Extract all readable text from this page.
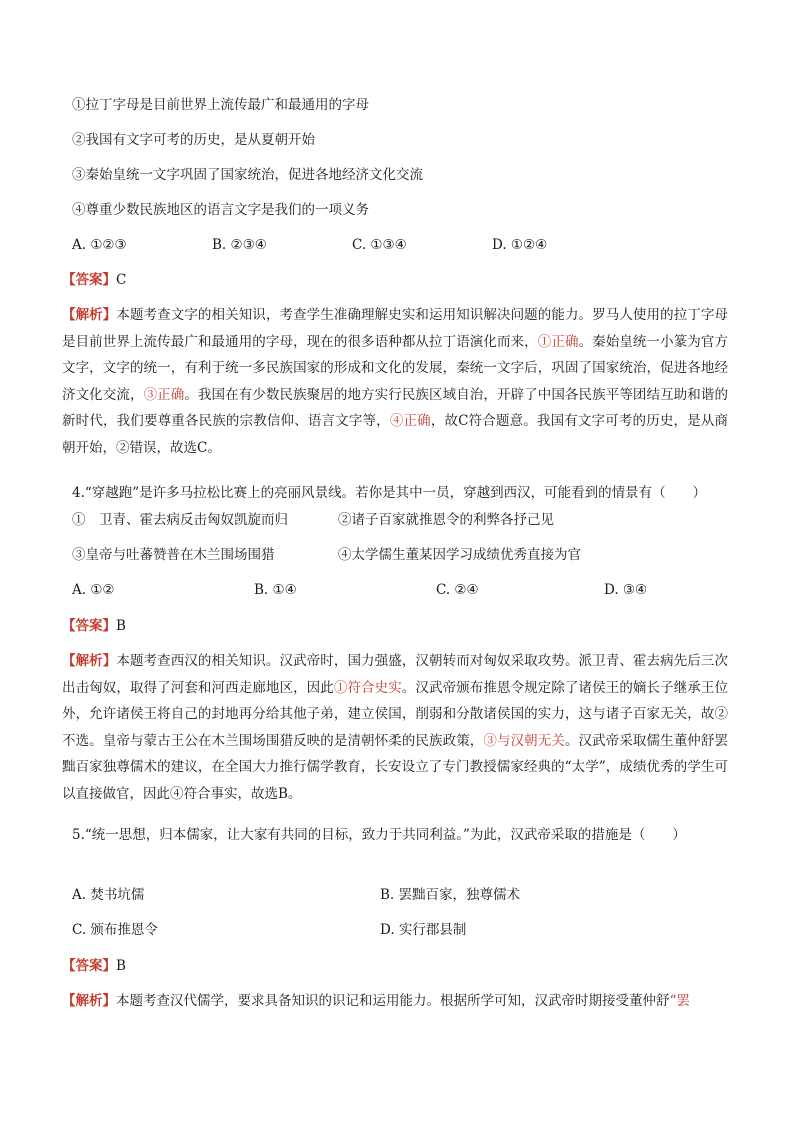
①拉丁字母是目前世界上流传最广和最通用的字母
②我国有文字可考的历史，是从夏朝开始
③秦始皇统一文字巩固了国家统治，促进各地经济文化交流
④尊重少数民族地区的语言文字是我们的一项义务
A. ①②③	B. ②③④	C. ①③④	D. ①②④
【答案】C
【解析】本题考查文字的相关知识，考查学生准确理解史实和运用知识解决问题的能力。罗马人使用的拉丁字母是目前世界上流传最广和最通用的字母，现在的很多语种都从拉丁语演化而来，①正确。秦始皇统一小篆为官方文字，文字的统一，有利于统一多民族国家的形成和文化的发展，秦统一文字后，巩固了国家统治，促进各地经济文化交流，③正确。我国在有少数民族聚居的地方实行民族区域自治，开辟了中国各民族平等团结互助和谐的新时代，我们要尊重各民族的宗教信仰、语言文字等，④正确，故C符合题意。我国有文字可考的历史，是从商朝开始，②错误，故选C。
4.“穿越跑”是许多马拉松比赛上的亮丽风景线。若你是其中一员，穿越到西汉，可能看到的情景有（　　）
①　卫青、霍去病反击匈奴凯旋而归	②诸子百家就推恩令的利弊各抒己见
③皇帝与吐蕃赞普在木兰围场围猎	④太学儒生董某因学习成绩优秀直接为官
A. ①②	B. ①④	C. ②④	D. ③④
【答案】B
【解析】本题考查西汉的相关知识。汉武帝时，国力强盛，汉朝转而对匈奴采取攻势。派卫青、霍去病先后三次出击匈奴，取得了河套和河西走廊地区，因此①符合史实。汉武帝颁布推恩令规定除了诸侯王的嫡长子继承王位外，允许诸侯王将自己的封地再分给其他子弟，建立侯国，削弱和分散诸侯国的实力，这与诸子百家无关，故②不选。皇帝与蒙古王公在木兰围场围猎反映的是清朝怀柔的民族政策，③与汉朝无关。汉武帝采取儒生董仲舒罢黜百家独尊儒术的建议，在全国大力推行儒学教育，长安设立了专门教授儒家经典的“太学”，成绩优秀的学生可以直接做官，因此④符合事实，故选B。
5.“统一思想，归本儒家，让大家有共同的目标，致力于共同利益。”为此，汉武帝采取的措施是（　　）
A. 焚书坑儒	B. 罢黜百家，独尊儒术
C. 颁布推恩令	D. 实行郡县制
【答案】B
【解析】本题考查汉代儒学，要求具备知识的识记和运用能力。根据所学可知，汉武帝时期接受董仲舒“罢
